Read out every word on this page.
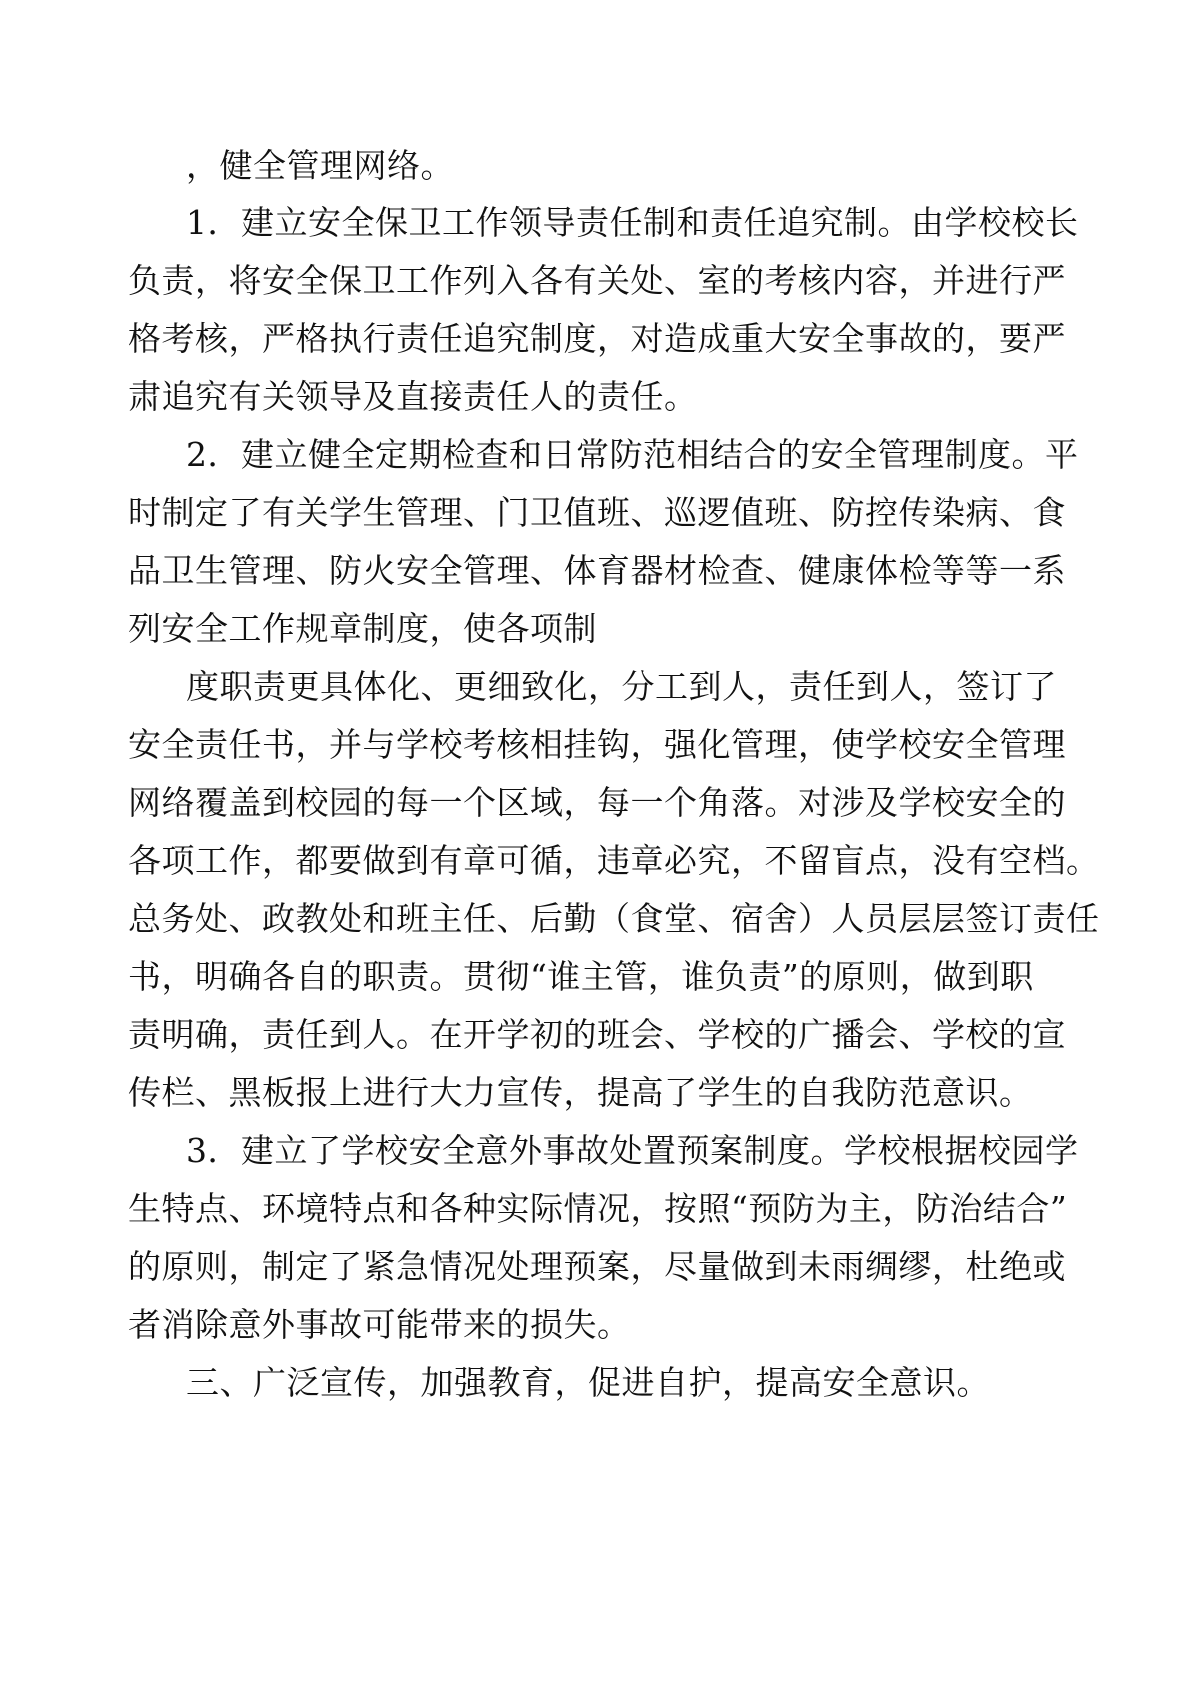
，健全管理网络。
1．建立安全保卫工作领导责任制和责任追究制。由学校校长
负责，将安全保卫工作列入各有关处、室的考核内容，并进行严
格考核，严格执行责任追究制度，对造成重大安全事故的，要严
肃追究有关领导及直接责任人的责任。
2．建立健全定期检查和日常防范相结合的安全管理制度。平
时制定了有关学生管理、门卫值班、巡逻值班、防控传染病、食
品卫生管理、防火安全管理、体育器材检查、健康体检等等一系
列安全工作规章制度，使各项制
度职责更具体化、更细致化，分工到人，责任到人，签订了
安全责任书，并与学校考核相挂钩，强化管理，使学校安全管理
网络覆盖到校园的每一个区域，每一个角落。对涉及学校安全的
各项工作，都要做到有章可循，违章必究，不留盲点，没有空档。
总务处、政教处和班主任、后勤（食堂、宿舍）人员层层签订责任
书，明确各自的职责。贯彻“谁主管，谁负责”的原则，做到职
责明确，责任到人。在开学初的班会、学校的广播会、学校的宣
传栏、黑板报上进行大力宣传，提高了学生的自我防范意识。
3．建立了学校安全意外事故处置预案制度。学校根据校园学
生特点、环境特点和各种实际情况，按照“预防为主，防治结合”
的原则，制定了紧急情况处理预案，尽量做到未雨绸缪，杜绝或
者消除意外事故可能带来的损失。
三、广泛宣传，加强教育，促进自护，提高安全意识。
